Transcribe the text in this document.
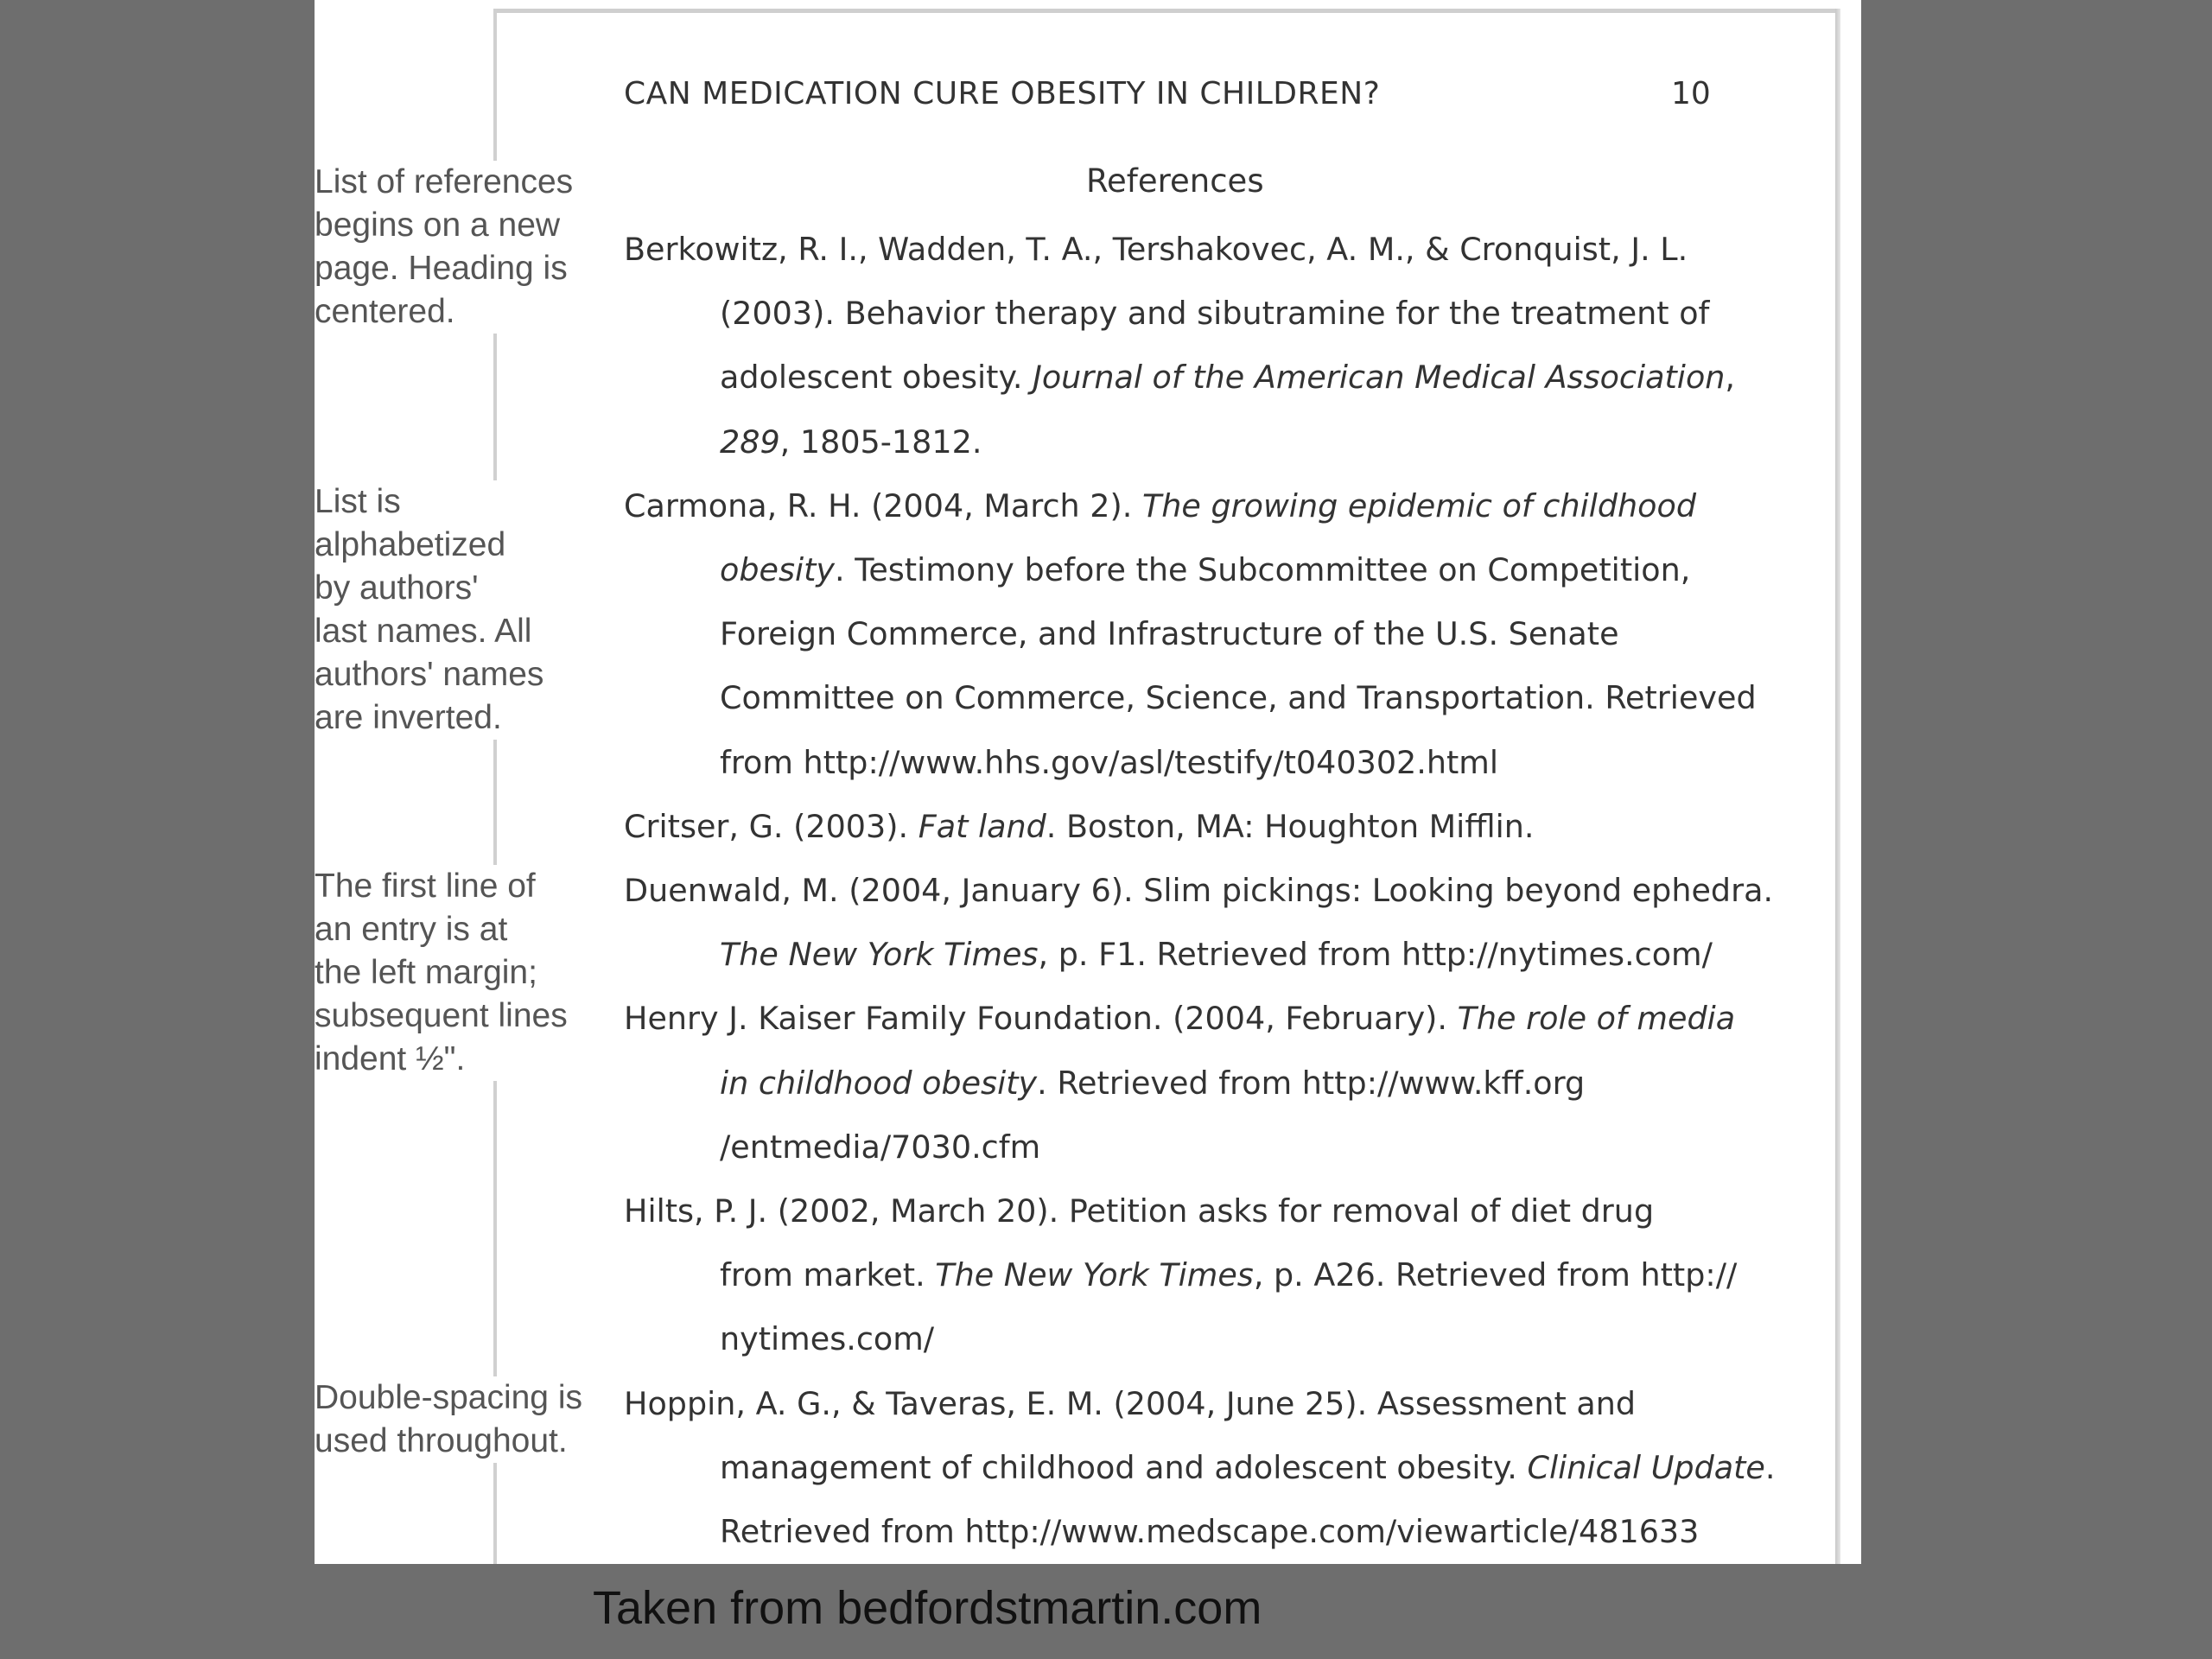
List of references
begins on a new
page. Heading is
centered.
List is
alphabetized
by authors'
last names. All
authors' names
are inverted.
The first line of
an entry is at
the left margin;
subsequent lines
indent ½".
Double-spacing is
used throughout.
CAN MEDICATION CURE OBESITY IN CHILDREN?	10
References
Berkowitz, R. I., Wadden, T. A., Tershakovec, A. M., & Cronquist, J. L.
(2003). Behavior therapy and sibutramine for the treatment of
adolescent obesity. Journal of the American Medical Association,
289, 1805-1812.
Carmona, R. H. (2004, March 2). The growing epidemic of childhood
obesity. Testimony before the Subcommittee on Competition,
Foreign Commerce, and Infrastructure of the U.S. Senate
Committee on Commerce, Science, and Transportation. Retrieved
from http://www.hhs.gov/asl/testify/t040302.html
Critser, G. (2003). Fat land. Boston, MA: Houghton Mifflin.
Duenwald, M. (2004, January 6). Slim pickings: Looking beyond ephedra.
The New York Times, p. F1. Retrieved from http://nytimes.com/
Henry J. Kaiser Family Foundation. (2004, February). The role of media
in childhood obesity. Retrieved from http://www.kff.org
/entmedia/7030.cfm
Hilts, P. J. (2002, March 20). Petition asks for removal of diet drug
from market. The New York Times, p. A26. Retrieved from http://
nytimes.com/
Hoppin, A. G., & Taveras, E. M. (2004, June 25). Assessment and
management of childhood and adolescent obesity. Clinical Update.
Retrieved from http://www.medscape.com/viewarticle/481633
Taken from bedfordstmartin.com
